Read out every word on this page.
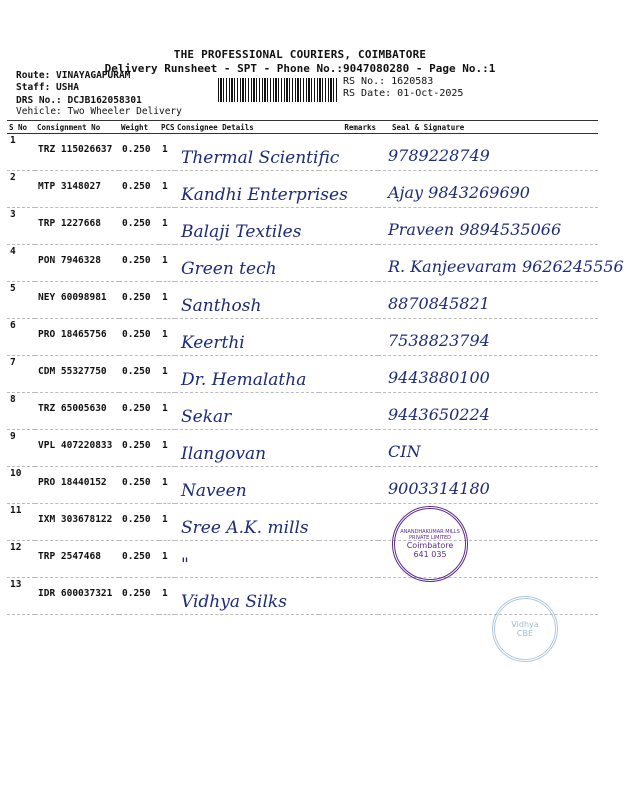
THE PROFESSIONAL COURIERS, COIMBATORE
Delivery Runsheet - SPT - Phone No.:9047080280 - Page No.:1
Route: VINAYAGAPURAM
Staff: USHA
DRS No.: DCJB162058301
Vehicle: Two Wheeler Delivery
RS No.: 1620583
RS Date: 01-Oct-2025
S No	Consignment No	Weight	PCS	Consignee Details	Remarks	Seal & Signature

1	TRZ 115026637	0.250	1	Thermal Scientific		9789228749

2	MTP 3148027	0.250	1	Kandhi Enterprises		Ajay 9843269690

3	TRP 1227668	0.250	1	Balaji Textiles		Praveen 9894535066

4	PON 7946328	0.250	1	Green tech		R. Kanjeevaram 9626245556

5	NEY 60098981	0.250	1	Santhosh		8870845821

6	PRO 18465756	0.250	1	Keerthi		7538823794

7	CDM 55327750	0.250	1	Dr. Hemalatha		9443880100

8	TRZ 65005630	0.250	1	Sekar		9443650224

9	VPL 407220833	0.250	1	Ilangovan		CIN

10	PRO 18440152	0.250	1	Naveen		9003314180

11	IXM 303678122	0.250	1	Sree A.K. mills		

12	TRP 2547468	0.250	1	"		

13	IDR 600037321	0.250	1	Vidhya Silks		

ANANDHAKUMAR MILLS PRIVATE LIMITED
Coimbatore
641 035
Vidhya
CBE
